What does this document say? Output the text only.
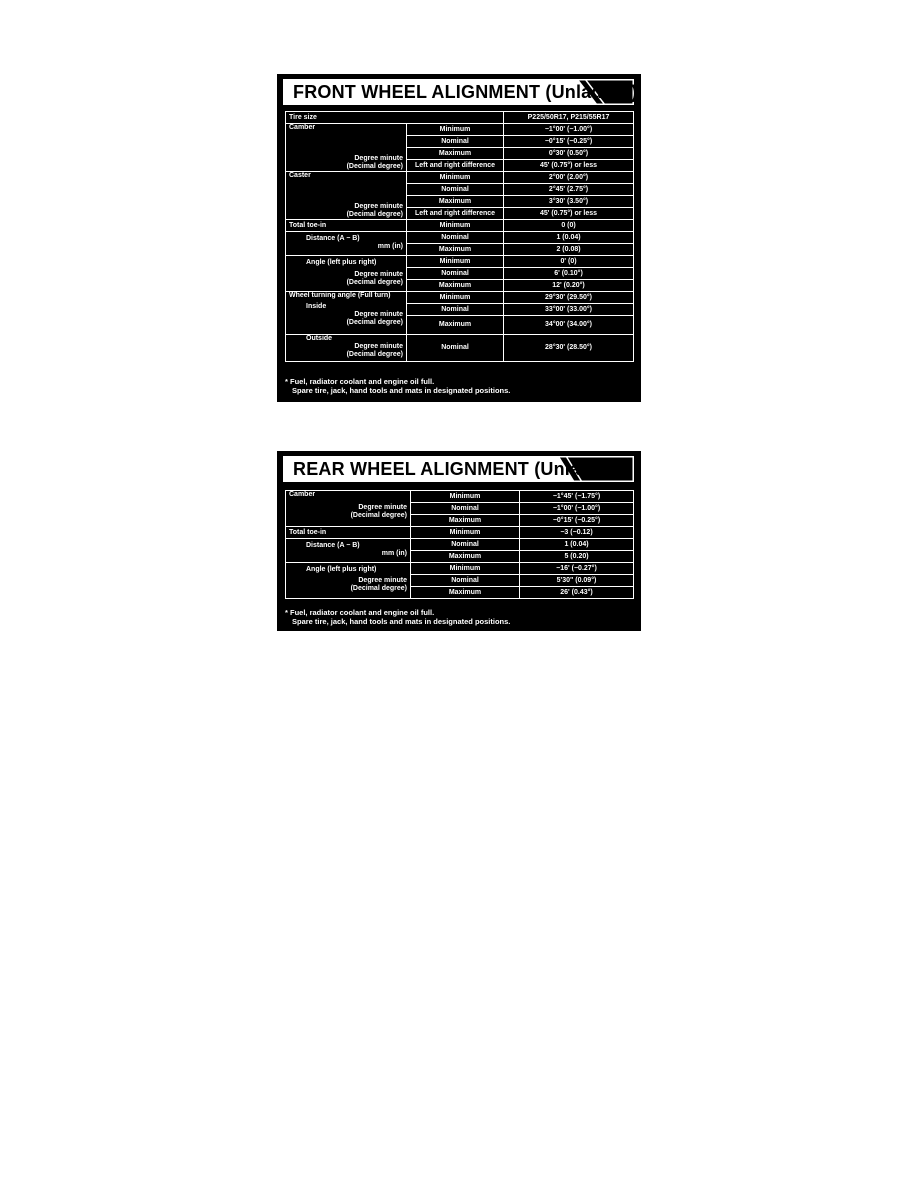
FRONT WHEEL ALIGNMENT (Unladen*)
Tire size		P225/50R17, P215/55R17

Camber
Degree minute
(Decimal degree)	Minimum	−1°00' (−1.00°)
	Nominal	−0°15' (−0.25°)
	Maximum	0°30' (0.50°)
	Left and right difference	45' (0.75°) or less

Caster
Degree minute
(Decimal degree)	Minimum	2°00' (2.00°)
	Nominal	2°45' (2.75°)
	Maximum	3°30' (3.50°)
	Left and right difference	45' (0.75°) or less
Total toe-in	Minimum	0 (0)

Distance (A − B)
mm (in)	Nominal	1 (0.04)
	Maximum	2 (0.08)

Angle (left plus right)
Degree minute
(Decimal degree)	Minimum	0' (0)
	Nominal	6' (0.10°)
	Maximum	12' (0.20°)

Wheel turning angle (Full turn)
Inside
Degree minute
(Decimal degree)	Minimum	29°30' (29.50°)
	Nominal	33°00' (33.00°)
	Maximum	34°00' (34.00°)

Outside
Degree minute
(Decimal degree)	Nominal	28°30' (28.50°)
* Fuel, radiator coolant and engine oil full.
Spare tire, jack, hand tools and mats in designated positions.
REAR WHEEL ALIGNMENT (Unladen*)
Camber
Degree minute
(Decimal degree)	Minimum	−1°45' (−1.75°)
	Nominal	−1°00' (−1.00°)
	Maximum	−0°15' (−0.25°)
Total toe-in	Minimum	−3 (−0.12)

Distance (A − B)
mm (in)	Nominal	1 (0.04)
	Maximum	5 (0.20)

Angle (left plus right)
Degree minute
(Decimal degree)	Minimum	−16' (−0.27°)
	Nominal	5'30" (0.09°)
	Maximum	26' (0.43°)
* Fuel, radiator coolant and engine oil full.
Spare tire, jack, hand tools and mats in designated positions.
